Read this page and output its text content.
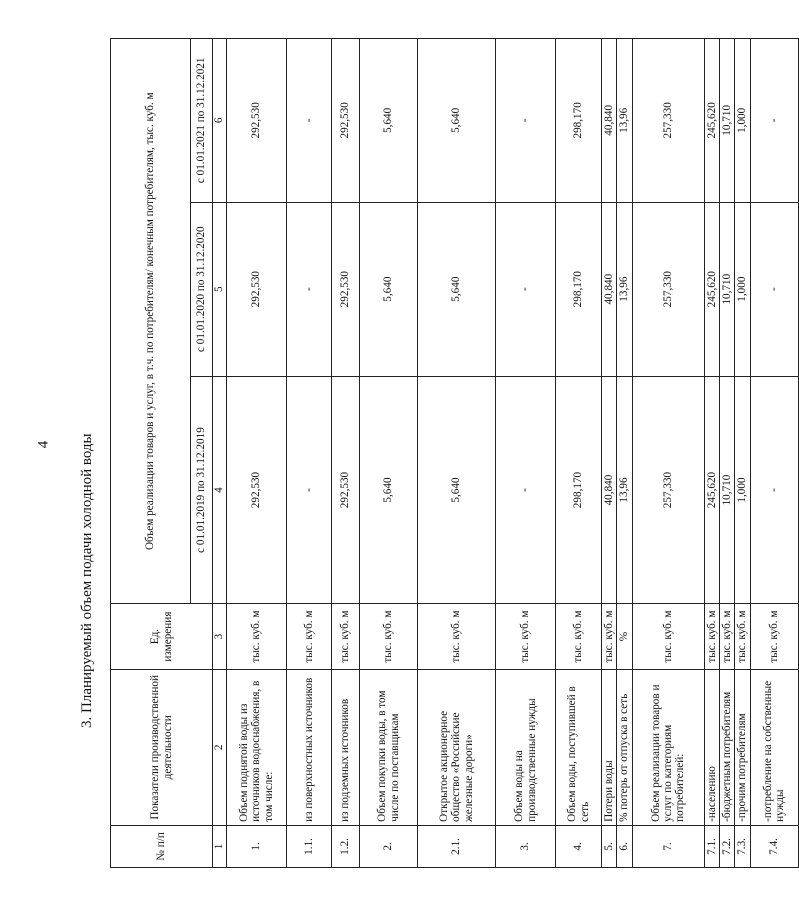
4 3. Планируемый объем подачи холодной воды
№ п/п	Показатели производственной деятельности	Ед. измерения	Объем реализации товаров и услуг, в т.ч. по потребителям/ конечным потребителям, тыс. куб. м		
			с 01.01.2019 по 31.12.2019	с 01.01.2020 по 31.12.2020	с 01.01.2021 по 31.12.2021
1	2	3	4	5	6
1.	Объем поднятой воды из источников водоснабжения, в том числе:	тыс. куб. м	292,530	292,530	292,530
1.1.	из поверхностных источников	тыс. куб. м	-	-	-
1.2.	из подземных источников	тыс. куб. м	292,530	292,530	292,530
2.	Объем покупки воды, в том числе по поставщикам	тыс. куб. м	5,640	5,640	5,640
2.1.	Открытое акционерное общество «Российские железные дороги»	тыс. куб. м	5,640	5,640	5,640
3.	Объем воды на производственные нужды	тыс. куб. м	-	-	-
4.	Объем воды, поступившей в сеть	тыс. куб. м	298,170	298,170	298,170
5.	Потери воды	тыс. куб. м	40,840	40,840	40,840
6.	% потерь от отпуска в сеть	%	13,96	13,96	13,96
7.	Объем реализации товаров и услуг по категориям потребителей:	тыс. куб. м	257,330	257,330	257,330
7.1.	-населению	тыс. куб. м	245,620	245,620	245,620
7.2.	-бюджетным потребителям	тыс. куб. м	10,710	10,710	10,710
7.3.	-прочим потребителям	тыс. куб. м	1,000	1,000	1,000
7.4.	-потребление на собственные нужды	тыс. куб. м	-	-	-
